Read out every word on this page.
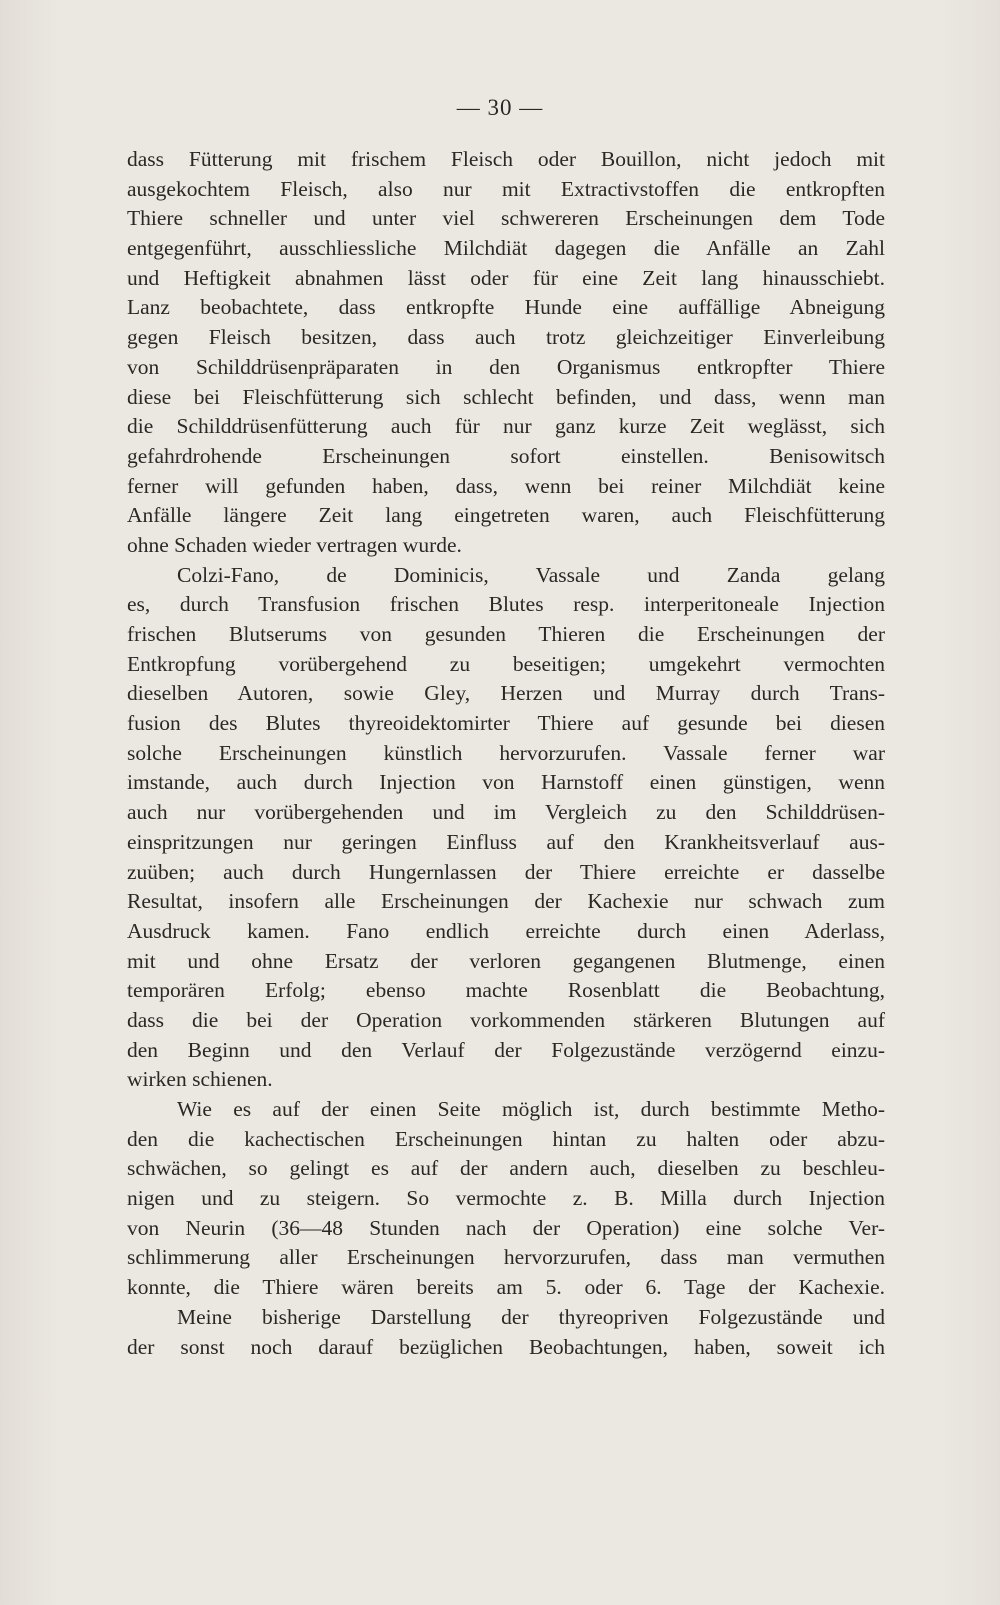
— 30 —
dass Fütterung mit frischem Fleisch oder Bouillon, nicht jedoch mit
ausgekochtem Fleisch, also nur mit Extractivstoffen die entkropften
Thiere schneller und unter viel schwereren Erscheinungen dem Tode
entgegenführt, ausschliessliche Milchdiät dagegen die Anfälle an Zahl
und Heftigkeit abnahmen lässt oder für eine Zeit lang hinausschiebt.
Lanz beobachtete, dass entkropfte Hunde eine auffällige Abneigung
gegen Fleisch besitzen, dass auch trotz gleichzeitiger Einverleibung
von Schilddrüsenpräparaten in den Organismus entkropfter Thiere
diese bei Fleischfütterung sich schlecht befinden, und dass, wenn man
die Schilddrüsenfütterung auch für nur ganz kurze Zeit weglässt, sich
gefahrdrohende Erscheinungen sofort einstellen. Benisowitsch
ferner will gefunden haben, dass, wenn bei reiner Milchdiät keine
Anfälle längere Zeit lang eingetreten waren, auch Fleischfütterung
ohne Schaden wieder vertragen wurde.
Colzi-Fano, de Dominicis, Vassale und Zanda gelang
es, durch Transfusion frischen Blutes resp. interperitoneale Injection
frischen Blutserums von gesunden Thieren die Erscheinungen der
Entkropfung vorübergehend zu beseitigen; umgekehrt vermochten
dieselben Autoren, sowie Gley, Herzen und Murray durch Trans-
fusion des Blutes thyreoidektomirter Thiere auf gesunde bei diesen
solche Erscheinungen künstlich hervorzurufen. Vassale ferner war
imstande, auch durch Injection von Harnstoff einen günstigen, wenn
auch nur vorübergehenden und im Vergleich zu den Schilddrüsen-
einspritzungen nur geringen Einfluss auf den Krankheitsverlauf aus-
zuüben; auch durch Hungernlassen der Thiere erreichte er dasselbe
Resultat, insofern alle Erscheinungen der Kachexie nur schwach zum
Ausdruck kamen. Fano endlich erreichte durch einen Aderlass,
mit und ohne Ersatz der verloren gegangenen Blutmenge, einen
temporären Erfolg; ebenso machte Rosenblatt die Beobachtung,
dass die bei der Operation vorkommenden stärkeren Blutungen auf
den Beginn und den Verlauf der Folgezustände verzögernd einzu-
wirken schienen.
Wie es auf der einen Seite möglich ist, durch bestimmte Metho-
den die kachectischen Erscheinungen hintan zu halten oder abzu-
schwächen, so gelingt es auf der andern auch, dieselben zu beschleu-
nigen und zu steigern. So vermochte z. B. Milla durch Injection
von Neurin (36—48 Stunden nach der Operation) eine solche Ver-
schlimmerung aller Erscheinungen hervorzurufen, dass man vermuthen
konnte, die Thiere wären bereits am 5. oder 6. Tage der Kachexie.
Meine bisherige Darstellung der thyreopriven Folgezustände und
der sonst noch darauf bezüglichen Beobachtungen, haben, soweit ich
